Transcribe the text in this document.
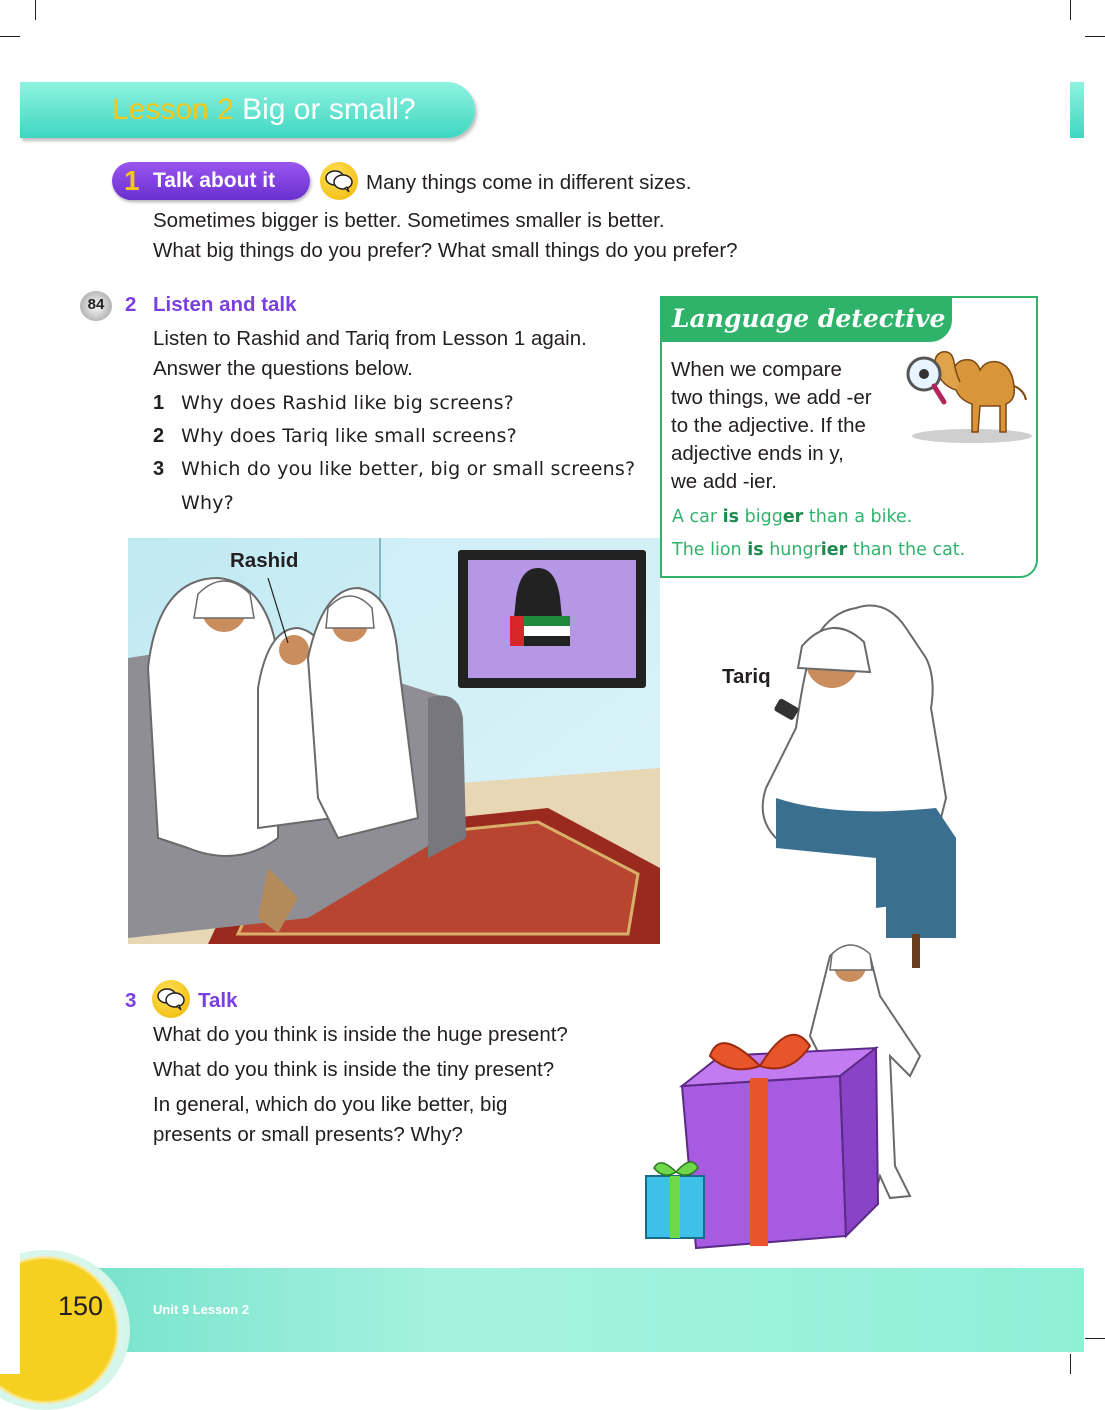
Lesson 2 Big or small?
1 Talk about it	Many things come in different sizes.
Sometimes bigger is better. Sometimes smaller is better.
What big things do you prefer? What small things do you prefer?
84	2 Listen and talk
Listen to Rashid and Tariq from Lesson 1 again.
Answer the questions below.
1 Why does Rashid like big screens?
2 Why does Tariq like small screens?
3 Which do you like better, big or small screens?
Why?
Language detective
When we compare
two things, we add -er
to the adjective. If the
adjective ends in y,
we add -ier.
A car is bigger than a bike.
The lion is hungrier than the cat.
Rashid
Tariq
3	Talk
What do you think is inside the huge present?
What do you think is inside the tiny present?
In general, which do you like better, big
presents or small presents? Why?
150	Unit 9 Lesson 2
